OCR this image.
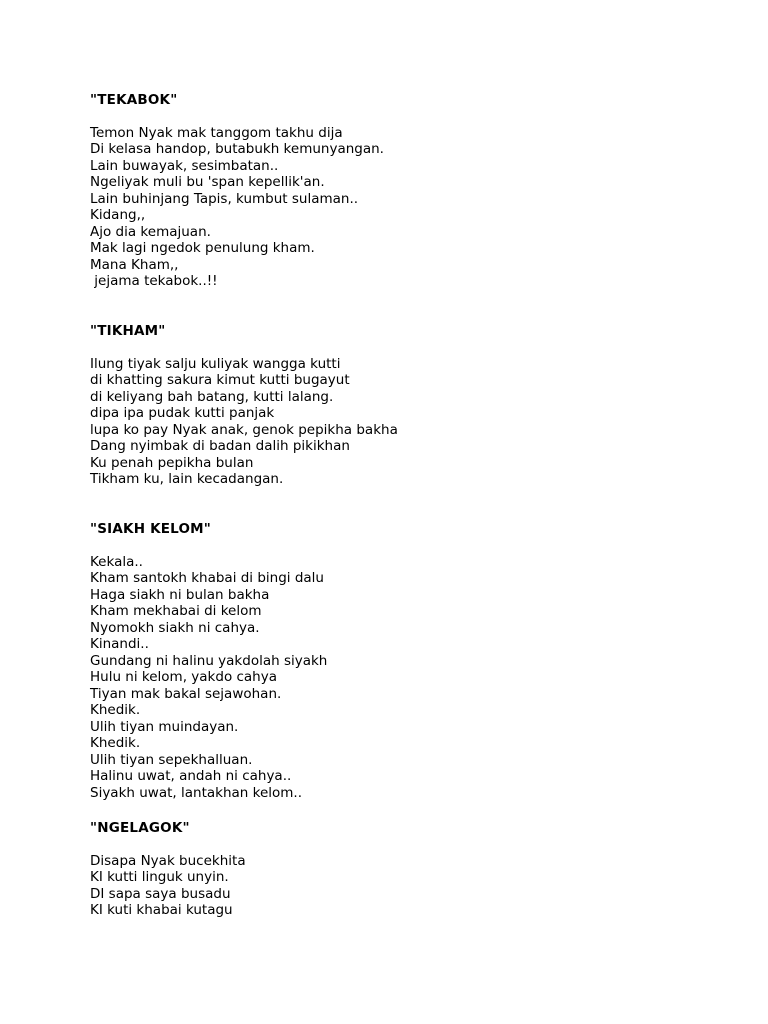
"TEKABOK"
Temon Nyak mak tanggom takhu dija
Di kelasa handop, butabukh kemunyangan.
Lain buwayak, sesimbatan..
Ngeliyak muli bu 'span kepellik'an.
Lain buhinjang Tapis, kumbut sulaman..
Kidang,,
Ajo dia kemajuan.
Mak lagi ngedok penulung kham.
Mana Kham,,
jejama tekabok..!!
"TIKHAM"
Ilung tiyak salju kuliyak wangga kutti
di khatting sakura kimut kutti bugayut
di keliyang bah batang, kutti lalang.
dipa ipa pudak kutti panjak
lupa ko pay Nyak anak, genok pepikha bakha
Dang nyimbak di badan dalih pikikhan
Ku penah pepikha bulan
Tikham ku, lain kecadangan.
"SIAKH KELOM"
Kekala..
Kham santokh khabai di bingi dalu
Haga siakh ni bulan bakha
Kham mekhabai di kelom
Nyomokh siakh ni cahya.
Kinandi..
Gundang ni halinu yakdolah siyakh
Hulu ni kelom, yakdo cahya
Tiyan mak bakal sejawohan.
Khedik.
Ulih tiyan muindayan.
Khedik.
Ulih tiyan sepekhalluan.
Halinu uwat, andah ni cahya..
Siyakh uwat, lantakhan kelom..
"NGELAGOK"
Disapa Nyak bucekhita
KI kutti linguk unyin.
DI sapa saya busadu
KI kuti khabai kutagu
